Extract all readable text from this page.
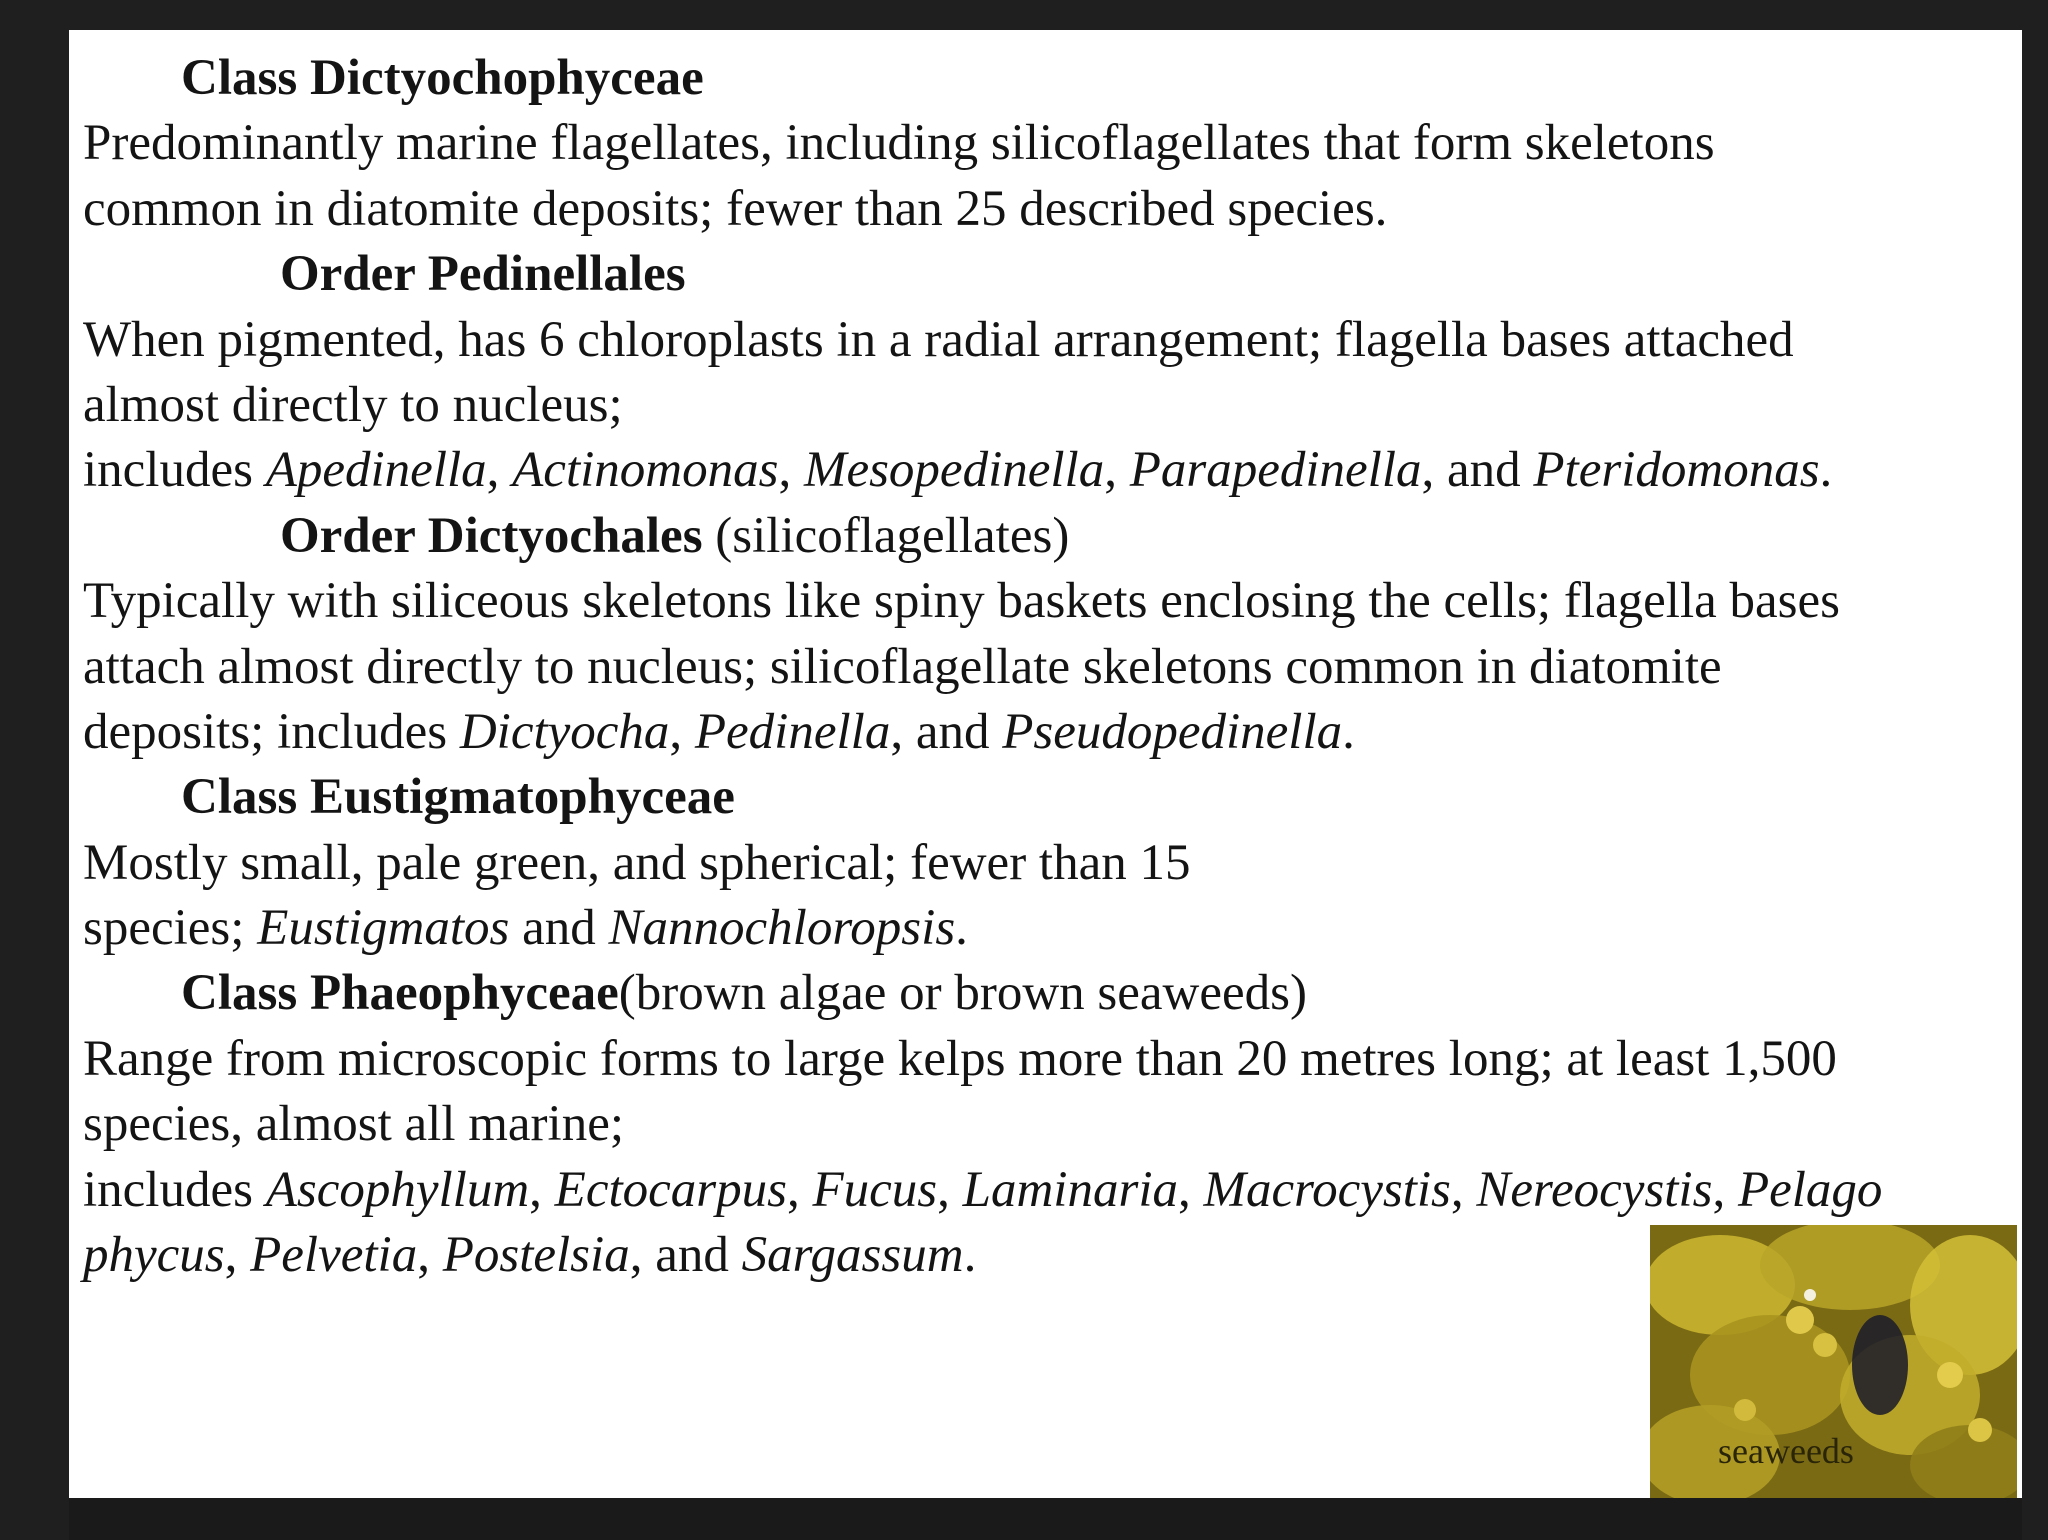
Class Dictyochophyceae
Predominantly marine flagellates, including silicoflagellates that form skeletons
common in diatomite deposits; fewer than 25 described species.
Order Pedinellales
When pigmented, has 6 chloroplasts in a radial arrangement; flagella bases attached
almost directly to nucleus;
includes Apedinella, Actinomonas, Mesopedinella, Parapedinella, and Pteridomonas.
Order Dictyochales (silicoflagellates)
Typically with siliceous skeletons like spiny baskets enclosing the cells; flagella bases
attach almost directly to nucleus; silicoflagellate skeletons common in diatomite
deposits; includes Dictyocha, Pedinella, and Pseudopedinella.
Class Eustigmatophyceae
Mostly small, pale green, and spherical; fewer than 15
species; Eustigmatos and Nannochloropsis.
Class Phaeophyceae(brown algae or brown seaweeds)
Range from microscopic forms to large kelps more than 20 metres long; at least 1,500
species, almost all marine;
includes Ascophyllum, Ectocarpus, Fucus, Laminaria, Macrocystis, Nereocystis, Pelago
phycus, Pelvetia, Postelsia, and Sargassum.
seaweeds
